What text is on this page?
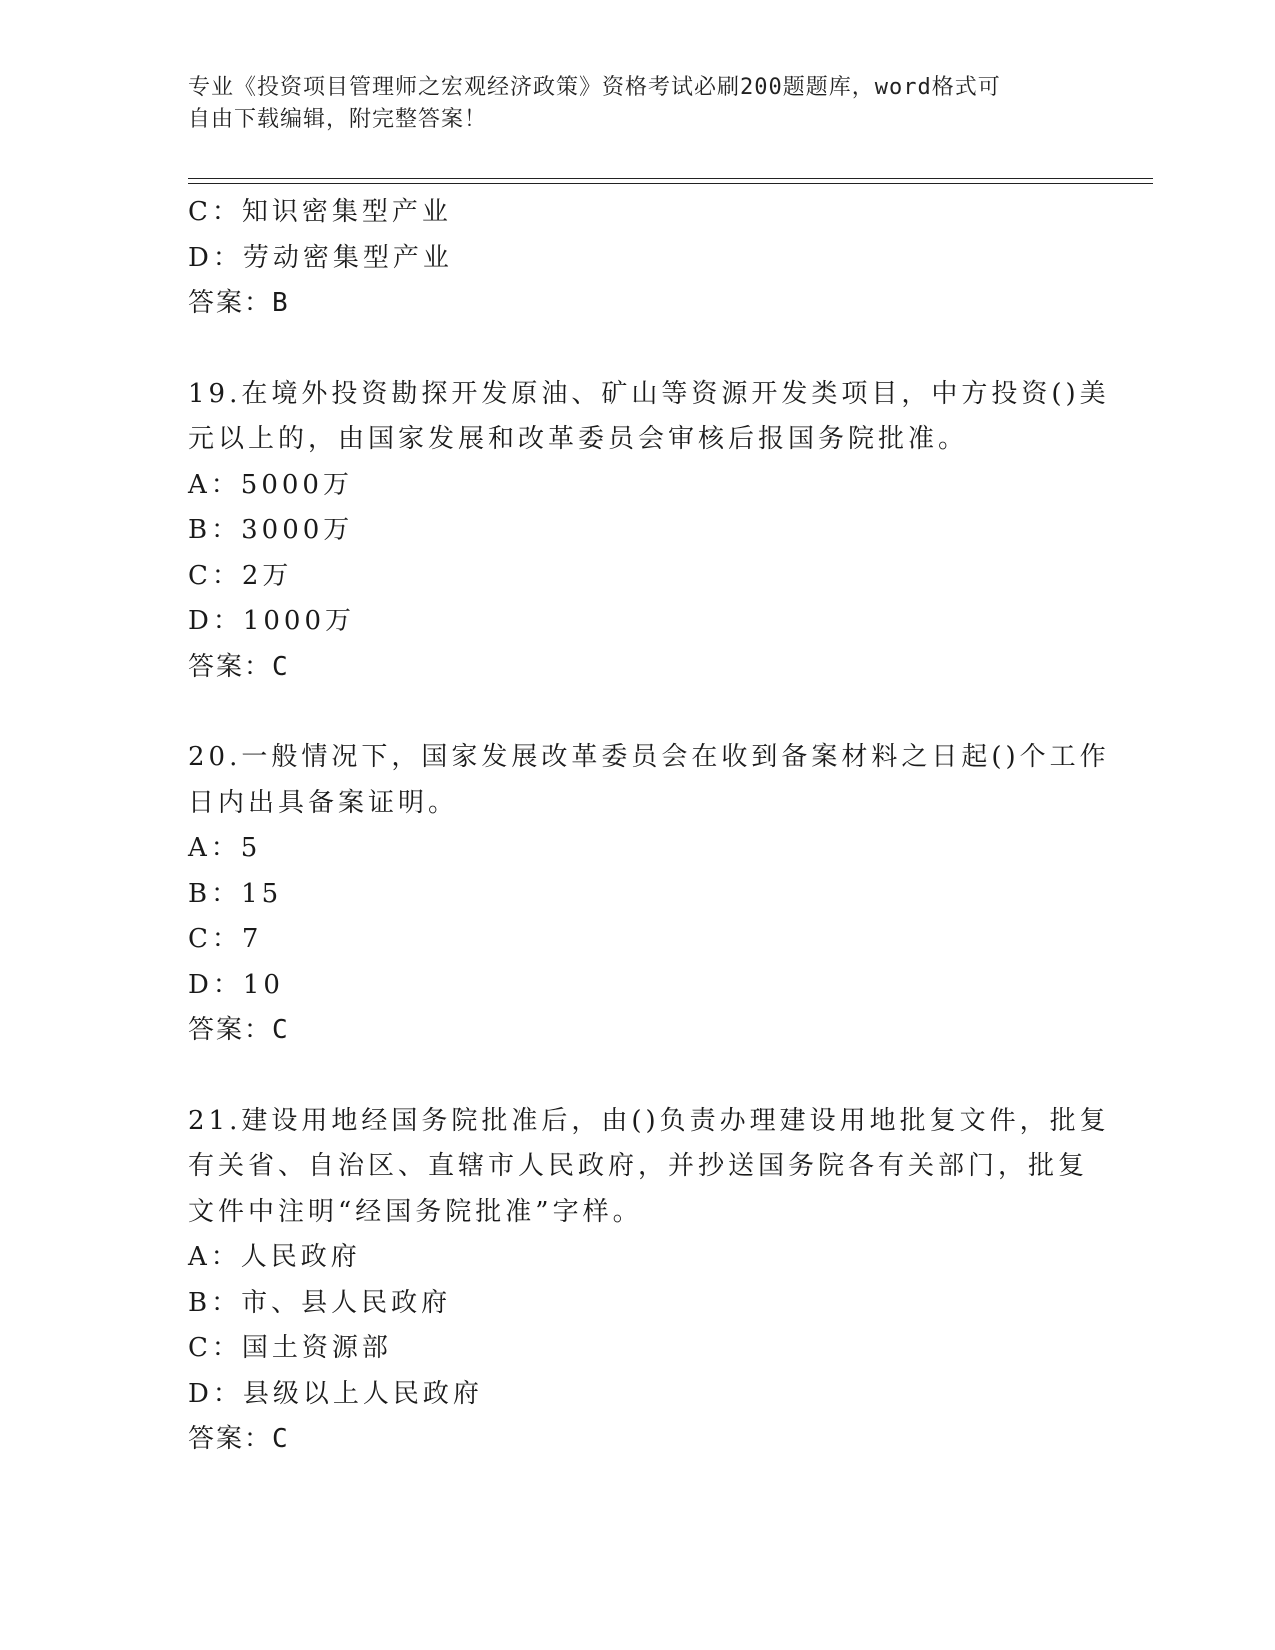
专业《投资项目管理师之宏观经济政策》资格考试必刷200题题库，word格式可
自由下载编辑，附完整答案！
C：知识密集型产业
D：劳动密集型产业
答案：B
19.在境外投资勘探开发原油、矿山等资源开发类项目，中方投资()美
元以上的，由国家发展和改革委员会审核后报国务院批准。
A：5000万
B：3000万
C：2万
D：1000万
答案：C
20.一般情况下，国家发展改革委员会在收到备案材料之日起()个工作
日内出具备案证明。
A：5
B：15
C：7
D：10
答案：C
21.建设用地经国务院批准后，由()负责办理建设用地批复文件，批复
有关省、自治区、直辖市人民政府，并抄送国务院各有关部门，批复
文件中注明“经国务院批准”字样。
A：人民政府
B：市、县人民政府
C：国土资源部
D：县级以上人民政府
答案：C
